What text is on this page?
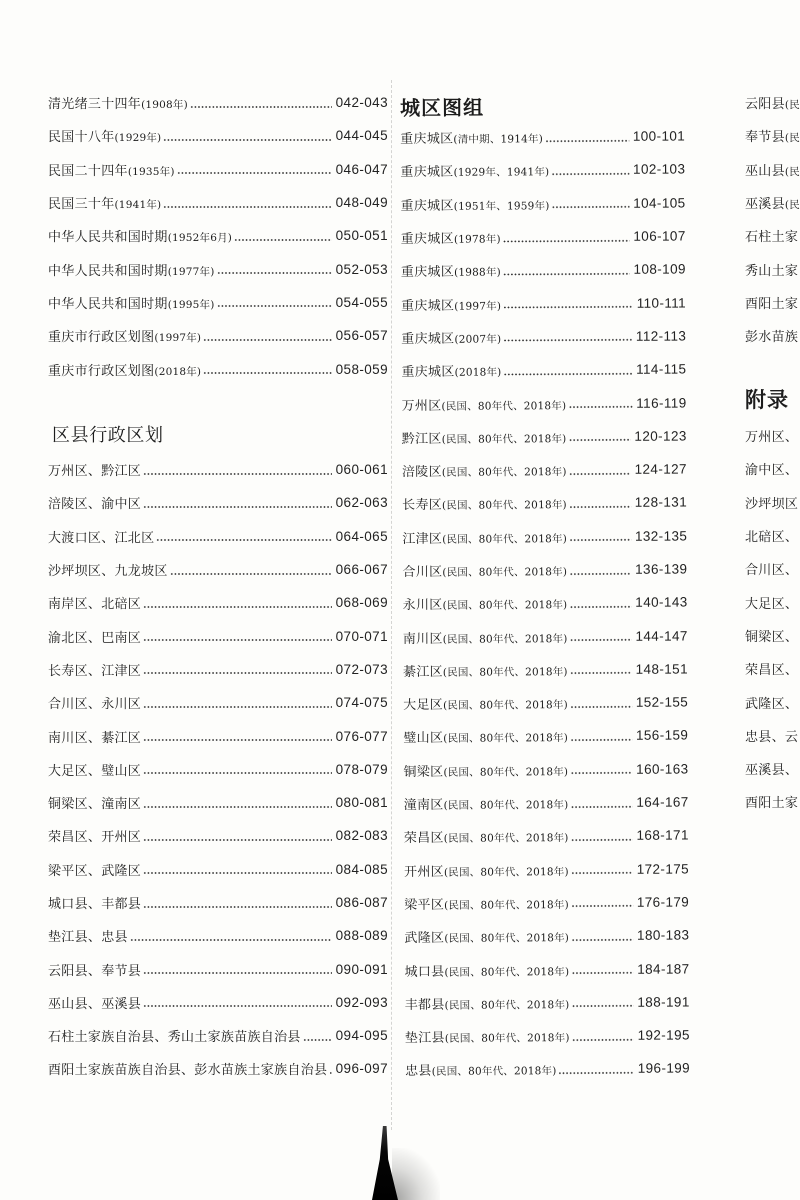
清光绪三十四年(1908年)	042-043
民国十八年(1929年)	044-045
民国二十四年(1935年)	046-047
民国三十年(1941年)	048-049
中华人民共和国时期(1952年6月)	050-051
中华人民共和国时期(1977年)	052-053
中华人民共和国时期(1995年)	054-055
重庆市行政区划图(1997年)	056-057
重庆市行政区划图(2018年)	058-059
区县行政区划
万州区、黔江区	060-061
涪陵区、渝中区	062-063
大渡口区、江北区	064-065
沙坪坝区、九龙坡区	066-067
南岸区、北碚区	068-069
渝北区、巴南区	070-071
长寿区、江津区	072-073
合川区、永川区	074-075
南川区、綦江区	076-077
大足区、璧山区	078-079
铜梁区、潼南区	080-081
荣昌区、开州区	082-083
梁平区、武隆区	084-085
城口县、丰都县	086-087
垫江县、忠县	088-089
云阳县、奉节县	090-091
巫山县、巫溪县	092-093
石柱土家族自治县、秀山土家族苗族自治县	094-095
酉阳土家族苗族自治县、彭水苗族土家族自治县 096-097
城区图组
重庆城区(清中期、1914年)	100-101
重庆城区(1929年、1941年)	102-103
重庆城区(1951年、1959年)	104-105
重庆城区(1978年)	106-107
重庆城区(1988年)	108-109
重庆城区(1997年)	110-111
重庆城区(2007年)	112-113
重庆城区(2018年)	114-115
万州区(民国、80年代、2018年)	116-119
黔江区(民国、80年代、2018年)	120-123
涪陵区(民国、80年代、2018年)	124-127
长寿区(民国、80年代、2018年)	128-131
江津区(民国、80年代、2018年)	132-135
合川区(民国、80年代、2018年)	136-139
永川区(民国、80年代、2018年)	140-143
南川区(民国、80年代、2018年)	144-147
綦江区(民国、80年代、2018年)	148-151
大足区(民国、80年代、2018年)	152-155
璧山区(民国、80年代、2018年)	156-159
铜梁区(民国、80年代、2018年)	160-163
潼南区(民国、80年代、2018年)	164-167
荣昌区(民国、80年代、2018年)	168-171
开州区(民国、80年代、2018年)	172-175
梁平区(民国、80年代、2018年)	176-179
武隆区(民国、80年代、2018年)	180-183
城口县(民国、80年代、2018年)	184-187
丰都县(民国、80年代、2018年)	188-191
垫江县(民国、80年代、2018年)	192-195
忠县(民国、80年代、2018年)	196-199
云阳县(民
奉节县(民
巫山县(民
巫溪县(民
石柱土家
秀山土家
酉阳土家
彭水苗族
附录
万州区、
渝中区、
沙坪坝区
北碚区、
合川区、
大足区、
铜梁区、
荣昌区、
武隆区、
忠县、云
巫溪县、
酉阳土家
